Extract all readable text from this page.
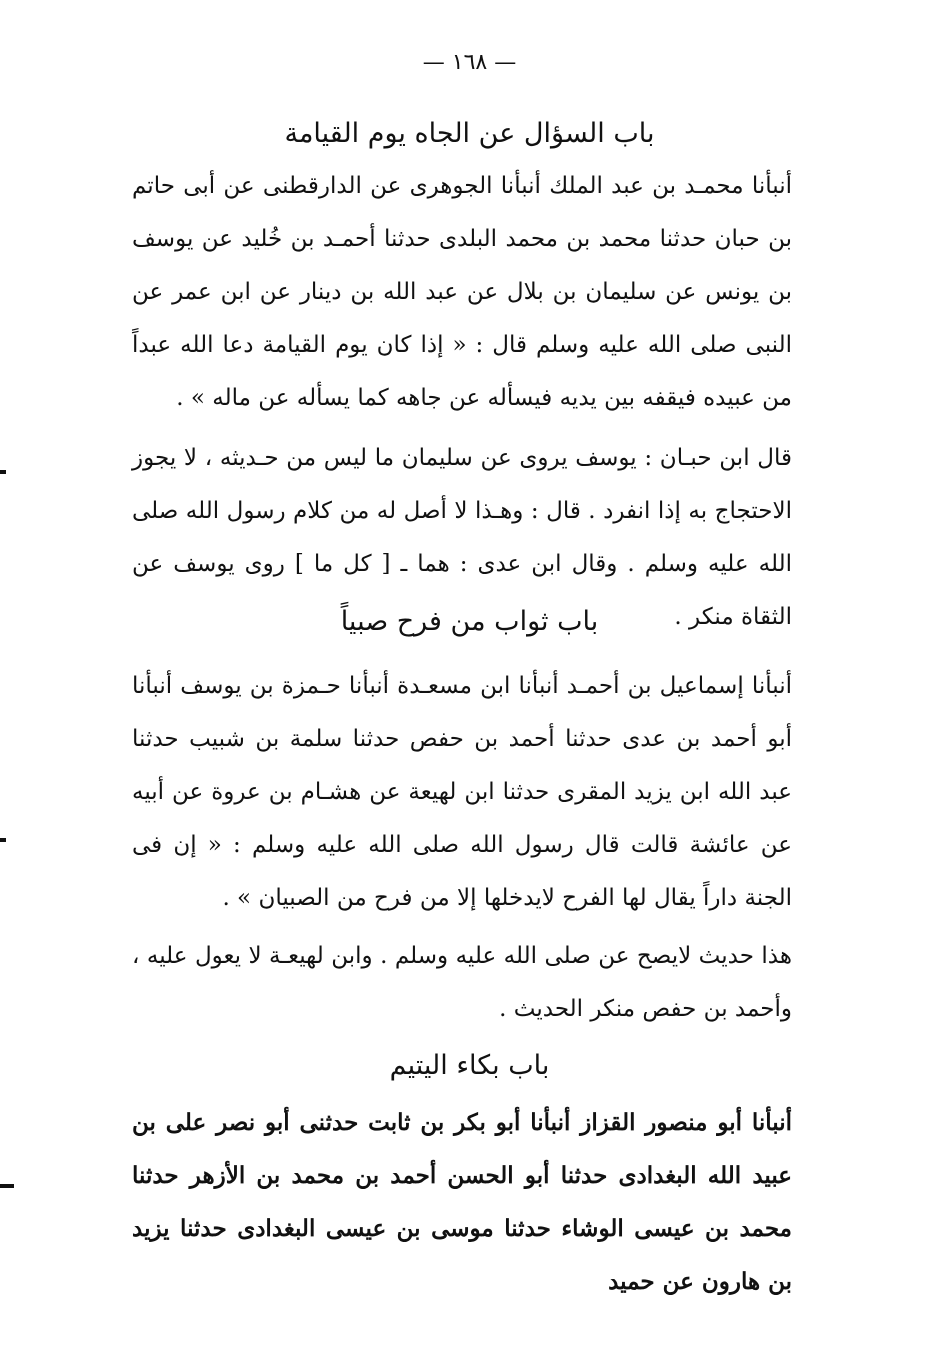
— ١٦٨ —
باب السؤال عن الجاه يوم القيامة
أنبأنا محمـد بن عبد الملك أنبأنا الجوهرى عن الدارقطنى عن أبى حاتم بن حبان حدثنا محمد بن محمد البلدى حدثنا أحمـد بن خُليد عن يوسف بن يونس عن سليمان بن بلال عن عبد الله بن دينار عن ابن عمر عن النبى صلى الله عليه وسلم قال : « إذا كان يوم القيامة دعا الله عبداً من عبيده فيقفه بين يديه فيسأله عن جاهه كما يسأله عن ماله » .
قال ابن حبـان : يوسف يروى عن سليمان ما ليس من حـديثه ، لا يجوز الاحتجاج به إذا انفرد . قال : وهـذا لا أصل له من كلام رسول الله صلى الله عليه وسلم . وقال ابن عدى : هما ـ [ كل ما ] روى يوسف عن الثقاة منكر .
باب ثواب من فرح صبياً
أنبأنا إسماعيل بن أحمـد أنبأنا ابن مسعـدة أنبأنا حـمزة بن يوسف أنبأنا أبو أحمد بن عدى حدثنا أحمد بن حفص حدثنا سلمة بن شبيب حدثنا عبد الله ابن يزيد المقرى حدثنا ابن لهيعة عن هشـام بن عروة عن أبيه عن عائشة قالت قال رسول الله صلى الله عليه وسلم : « إن فى الجنة داراً يقال لها الفرح لايدخلها إلا من فرح من الصبيان » .
هذا حديث لايصح عن صلى الله عليه وسلم . وابن لهيعـة لا يعول عليه ، وأحمد بن حفص منكر الحديث .
باب بكاء اليتيم
أنبأنا أبو منصور القزاز أنبأنا أبو بكر بن ثابت حدثنى أبو نصر على بن عبيد الله البغدادى حدثنا أبو الحسن أحمد بن محمد بن الأزهر حدثنا محمد بن عيسى الوشاء حدثنا موسى بن عيسى البغدادى حدثنا يزيد بن هارون عن حميد
